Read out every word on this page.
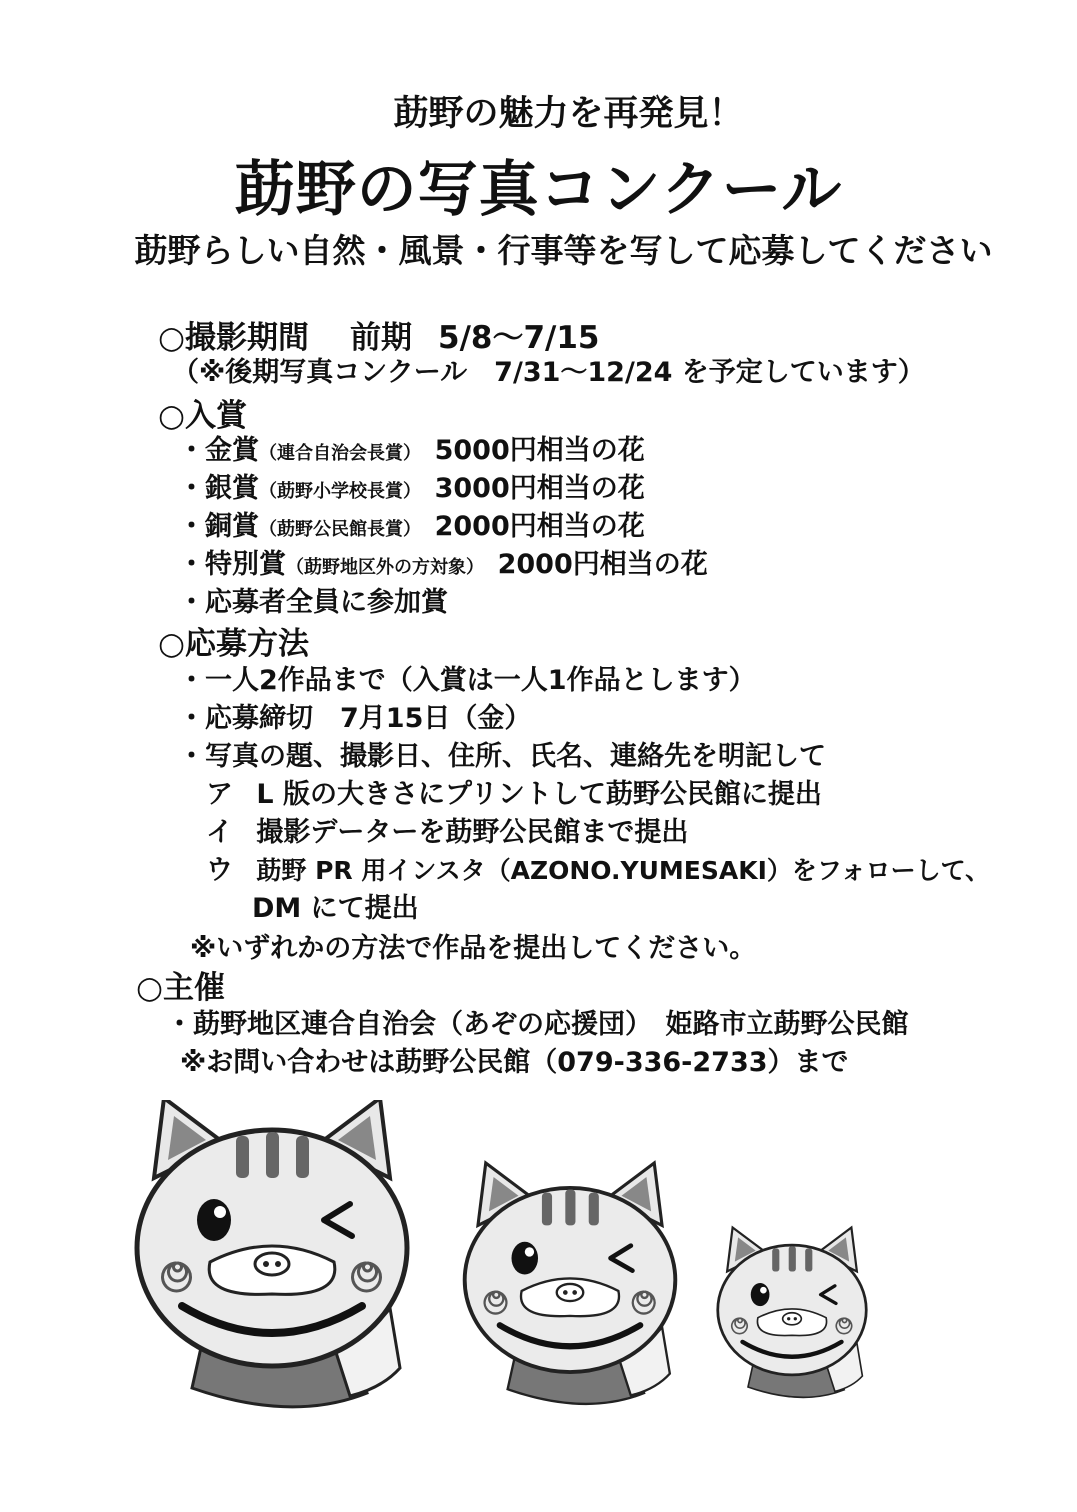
莇野の魅力を再発見！
莇野の写真コンクール
莇野らしい自然・風景・行事等を写して応募してください
○撮影期間 前期 5/8～7/15
（※後期写真コンクール　7/31～12/24 を予定しています）
○入賞
・金賞（連合自治会長賞） 5000円相当の花
・銀賞（莇野小学校長賞） 3000円相当の花
・銅賞（莇野公民館長賞） 2000円相当の花
・特別賞（莇野地区外の方対象） 2000円相当の花
・応募者全員に参加賞
○応募方法
・一人2作品まで（入賞は一人1作品とします）
・応募締切　7月15日（金）
・写真の題、撮影日、住所、氏名、連絡先を明記して
ア L 版の大きさにプリントして莇野公民館に提出
イ 撮影データーを莇野公民館まで提出
ウ 莇野 PR 用インスタ（AZONO.YUMESAKI）をフォローして、
DM にて提出
※いずれかの方法で作品を提出してください。
○主催
・莇野地区連合自治会（あぞの応援団）　姫路市立莇野公民館
※お問い合わせは莇野公民館（079-336-2733）まで
